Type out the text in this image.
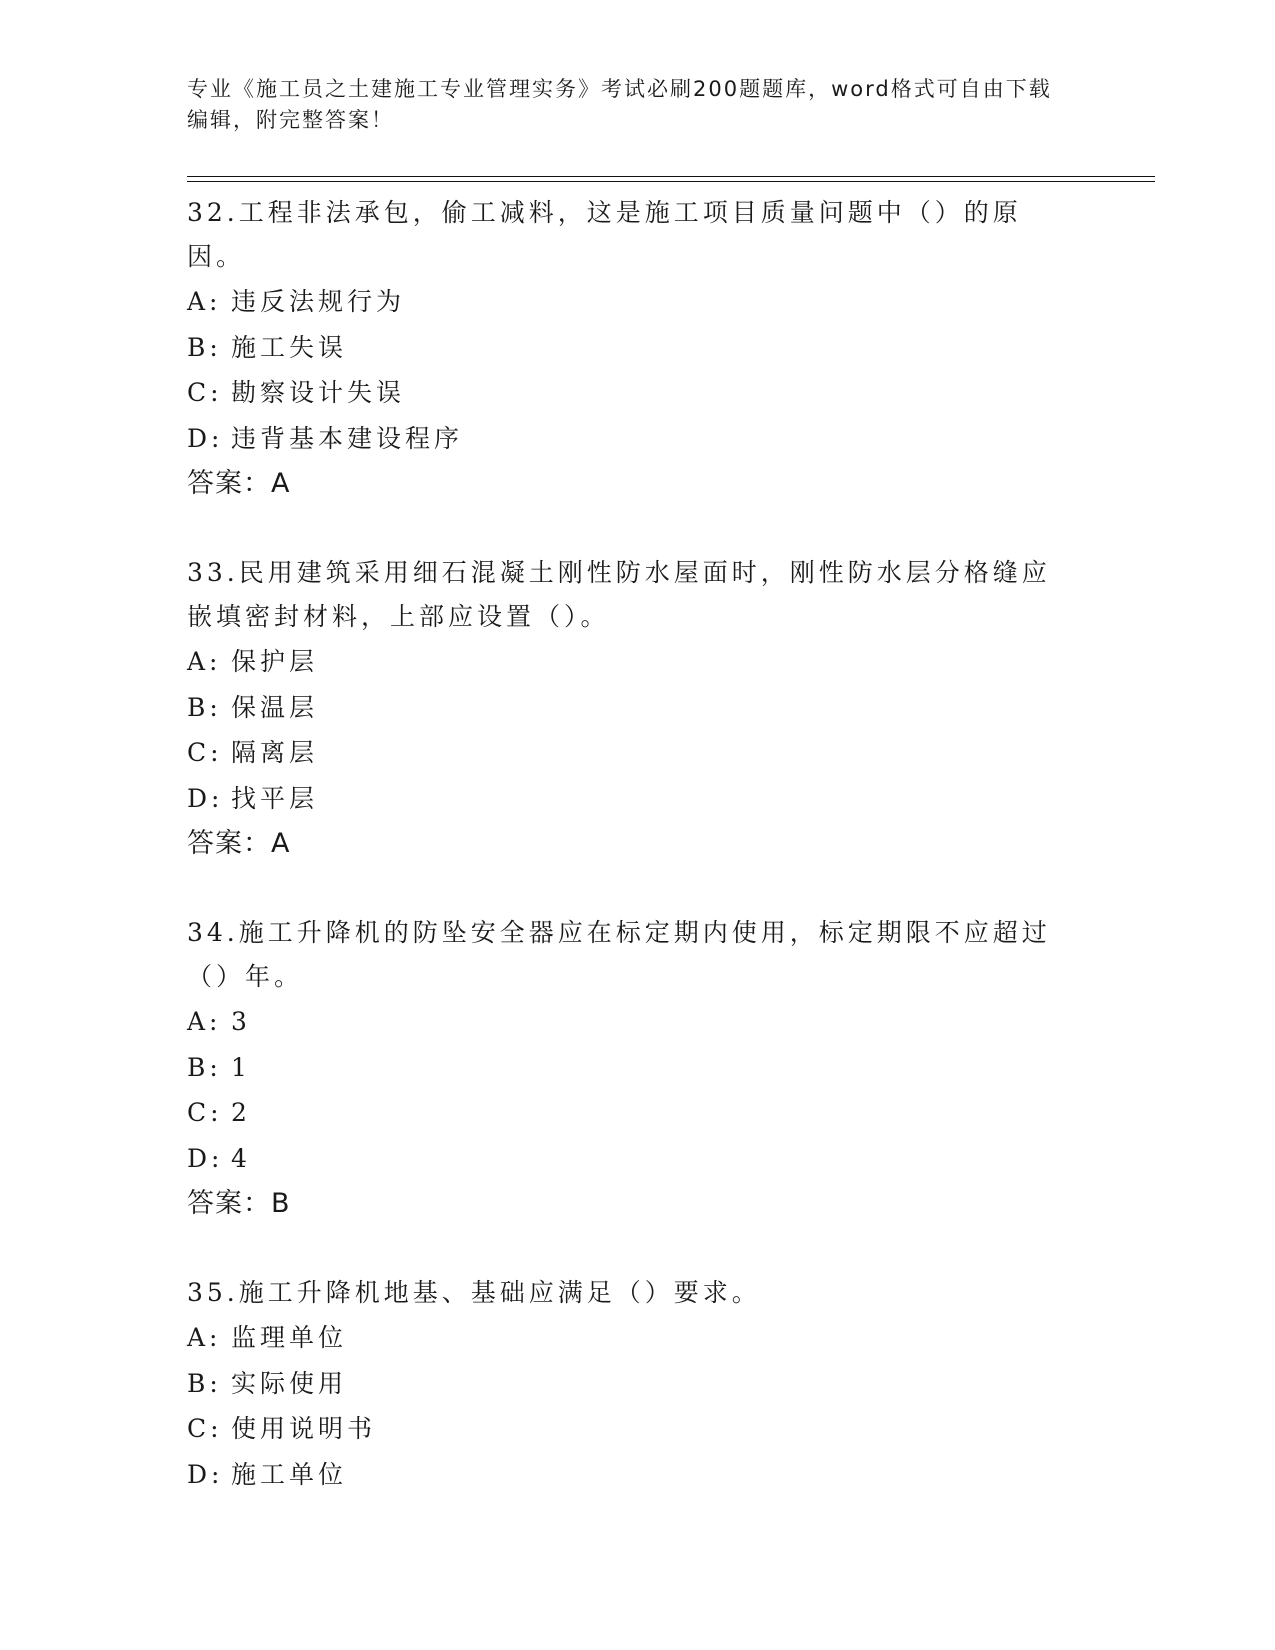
专业《施工员之土建施工专业管理实务》考试必刷200题题库，word格式可自由下载编辑，附完整答案！

32.工程非法承包，偷工减料，这是施工项目质量问题中（）的原因。

A: 违反法规行为

B: 施工失误

C: 勘察设计失误

D: 违背基本建设程序

答案：A

33.民用建筑采用细石混凝土刚性防水屋面时，刚性防水层分格缝应嵌填密封材料，上部应设置（）。

A: 保护层

B: 保温层

C: 隔离层

D: 找平层

答案：A

34.施工升降机的防坠安全器应在标定期内使用，标定期限不应超过（）年。

A: 3

B: 1

C: 2

D: 4

答案：B

35.施工升降机地基、基础应满足（）要求。

A: 监理单位

B: 实际使用

C: 使用说明书

D: 施工单位
